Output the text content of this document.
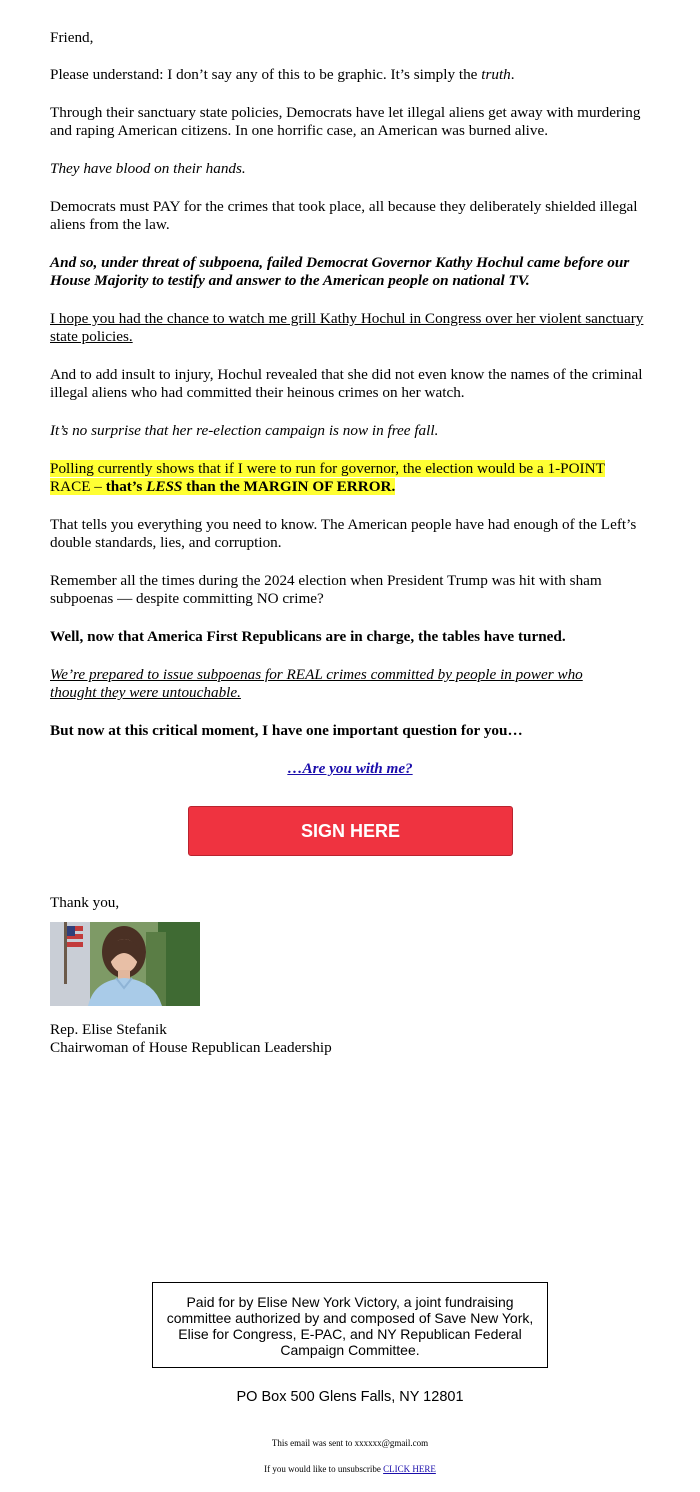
Friend,

Please understand: I don’t say any of this to be graphic. It’s simply the truth.

Through their sanctuary state policies, Democrats have let illegal aliens get away with murdering and raping American citizens. In one horrific case, an American was burned alive.

They have blood on their hands.

Democrats must PAY for the crimes that took place, all because they deliberately shielded illegal aliens from the law.

And so, under threat of subpoena, failed Democrat Governor Kathy Hochul came before our House Majority to testify and answer to the American people on national TV.

I hope you had the chance to watch me grill Kathy Hochul in Congress over her violent sanctuary state policies.

And to add insult to injury, Hochul revealed that she did not even know the names of the criminal illegal aliens who had committed their heinous crimes on her watch.

It’s no surprise that her re-election campaign is now in free fall.

Polling currently shows that if I were to run for governor, the election would be a 1-POINT RACE – that’s LESS than the MARGIN OF ERROR.

That tells you everything you need to know. The American people have had enough of the Left’s double standards, lies, and corruption.

Remember all the times during the 2024 election when President Trump was hit with sham subpoenas — despite committing NO crime?

Well, now that America First Republicans are in charge, the tables have turned.

We’re prepared to issue subpoenas for REAL crimes committed by people in power who thought they were untouchable.

But now at this critical moment, I have one important question for you…

…Are you with me?

SIGN HERE
Thank you,
Rep. Elise Stefanik
Chairwoman of House Republican Leadership
Paid for by Elise New York Victory, a joint fundraising committee authorized by and composed of Save New York, Elise for Congress, E-PAC, and NY Republican Federal Campaign Committee.
PO Box 500 Glens Falls, NY 12801
This email was sent to xxxxxx@gmail.com
If you would like to unsubscribe CLICK HERE
